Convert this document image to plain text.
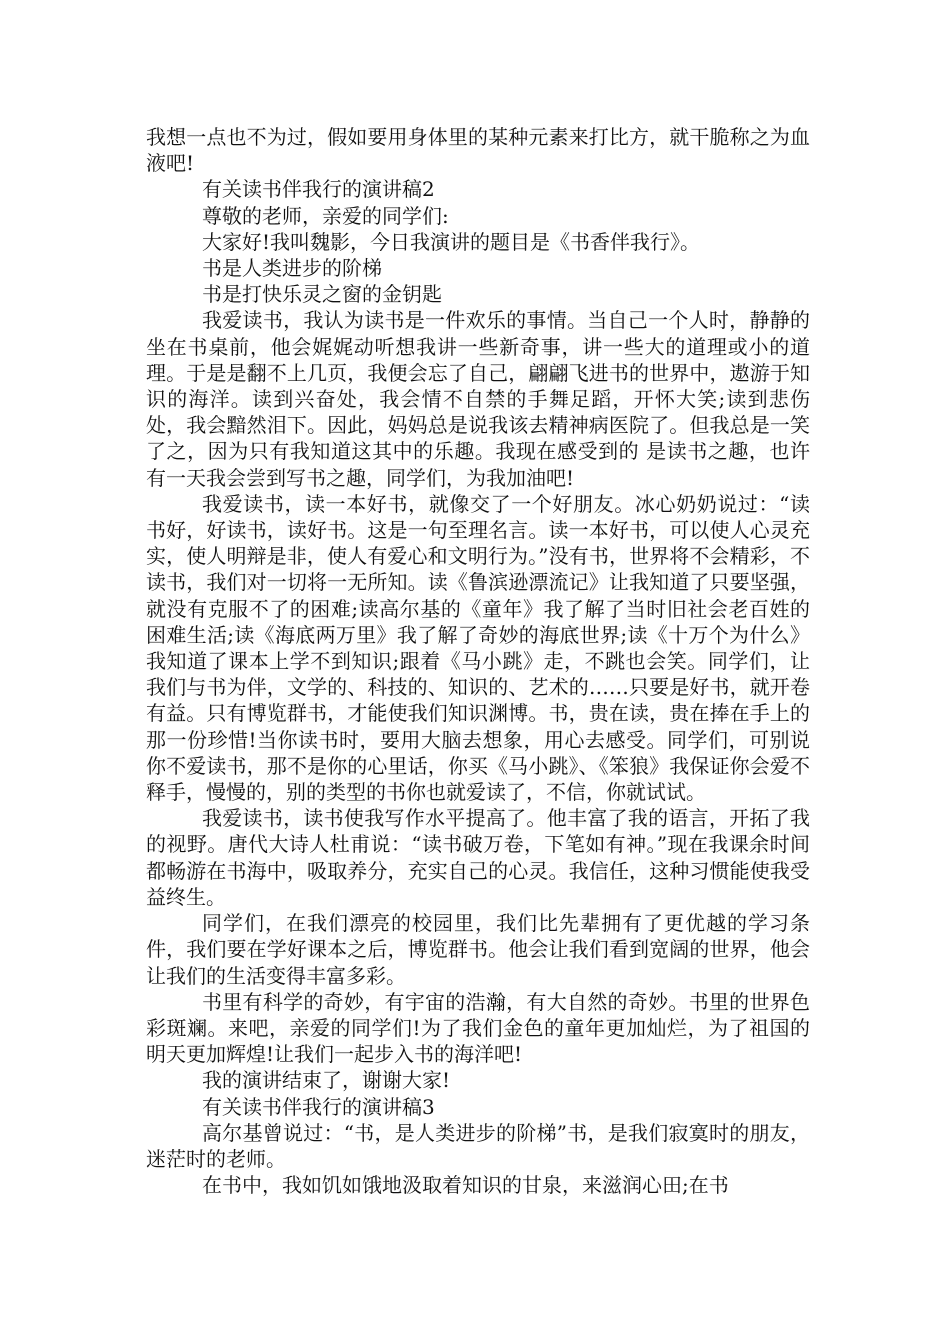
我想一点也不为过，假如要用身体里的某种元素来打比方，就干脆称之为血液吧!

有关读书伴我行的演讲稿2

尊敬的老师，亲爱的同学们:

大家好!我叫魏影，今日我演讲的题目是《书香伴我行》。

书是人类进步的阶梯

书是打快乐灵之窗的金钥匙

我爱读书，我认为读书是一件欢乐的事情。当自己一个人时，静静的坐在书桌前，他会娓娓动听想我讲一些新奇事，讲一些大的道理或小的道理。于是是翻不上几页，我便会忘了自己，翩翩飞进书的世界中，遨游于知识的海洋。读到兴奋处，我会情不自禁的手舞足蹈，开怀大笑;读到悲伤处，我会黯然泪下。因此，妈妈总是说我该去精神病医院了。但我总是一笑了之，因为只有我知道这其中的乐趣。我现在感受到的 是读书之趣，也许有一天我会尝到写书之趣，同学们，为我加油吧!

我爱读书，读一本好书，就像交了一个好朋友。冰心奶奶说过：“读书好，好读书，读好书。这是一句至理名言。读一本好书，可以使人心灵充实，使人明辩是非，使人有爱心和文明行为。”没有书，世界将不会精彩，不读书，我们对一切将一无所知。读《鲁滨逊漂流记》让我知道了只要坚强，就没有克服不了的困难;读高尔基的《童年》我了解了当时旧社会老百姓的困难生活;读《海底两万里》我了解了奇妙的海底世界;读《十万个为什么》我知道了课本上学不到知识;跟着《马小跳》走，不跳也会笑。同学们，让我们与书为伴，文学的、科技的、知识的、艺术的……只要是好书，就开卷有益。只有博览群书，才能使我们知识渊博。书，贵在读，贵在捧在手上的那一份珍惜!当你读书时，要用大脑去想象，用心去感受。同学们，可别说你不爱读书，那不是你的心里话，你买《马小跳》、《笨狼》我保证你会爱不释手，慢慢的，别的类型的书你也就爱读了，不信，你就试试。

我爱读书，读书使我写作水平提高了。他丰富了我的语言，开拓了我的视野。唐代大诗人杜甫说：“读书破万卷，下笔如有神。”现在我课余时间都畅游在书海中，吸取养分，充实自己的心灵。我信任，这种习惯能使我受益终生。

同学们，在我们漂亮的校园里，我们比先辈拥有了更优越的学习条件，我们要在学好课本之后，博览群书。他会让我们看到宽阔的世界，他会让我们的生活变得丰富多彩。

书里有科学的奇妙，有宇宙的浩瀚，有大自然的奇妙。书里的世界色彩斑斓。来吧，亲爱的同学们!为了我们金色的童年更加灿烂，为了祖国的明天更加辉煌!让我们一起步入书的海洋吧!

我的演讲结束了，谢谢大家!

有关读书伴我行的演讲稿3

高尔基曾说过：“书，是人类进步的阶梯”书，是我们寂寞时的朋友，迷茫时的老师。

在书中，我如饥如饿地汲取着知识的甘泉，来滋润心田;在书
